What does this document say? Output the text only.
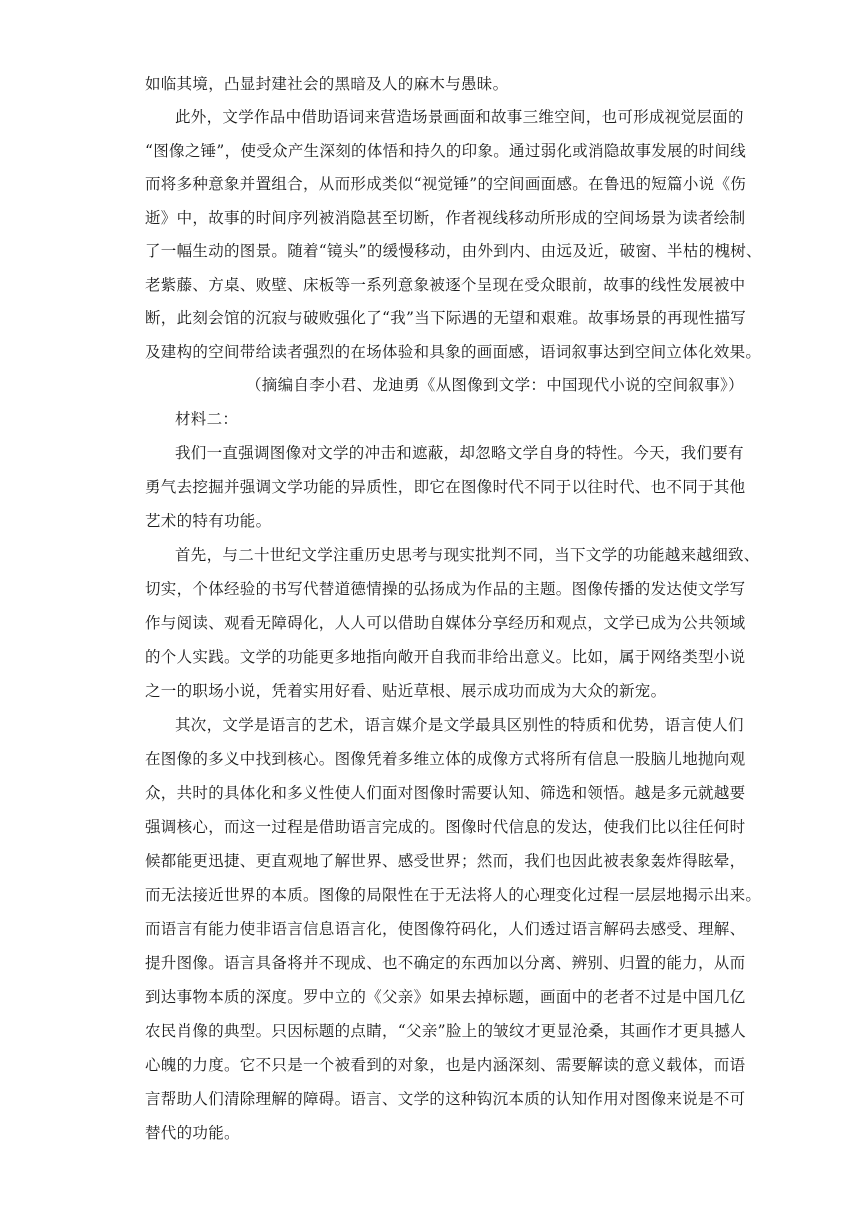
如临其境，凸显封建社会的黑暗及人的麻木与愚昧。
此外，文学作品中借助语词来营造场景画面和故事三维空间，也可形成视觉层面的
“图像之锤”，使受众产生深刻的体悟和持久的印象。通过弱化或消隐故事发展的时间线
而将多种意象并置组合，从而形成类似“视觉锤”的空间画面感。在鲁迅的短篇小说《伤
逝》中，故事的时间序列被消隐甚至切断，作者视线移动所形成的空间场景为读者绘制
了一幅生动的图景。随着“镜头”的缓慢移动，由外到内、由远及近，破窗、半枯的槐树、
老紫藤、方桌、败壁、床板等一系列意象被逐个呈现在受众眼前，故事的线性发展被中
断，此刻会馆的沉寂与破败强化了“我”当下际遇的无望和艰难。故事场景的再现性描写
及建构的空间带给读者强烈的在场体验和具象的画面感，语词叙事达到空间立体化效果。
（摘编自李小君、龙迪勇《从图像到文学：中国现代小说的空间叙事》）
材料二：
我们一直强调图像对文学的冲击和遮蔽，却忽略文学自身的特性。今天，我们要有
勇气去挖掘并强调文学功能的异质性，即它在图像时代不同于以往时代、也不同于其他
艺术的特有功能。
首先，与二十世纪文学注重历史思考与现实批判不同，当下文学的功能越来越细致、
切实，个体经验的书写代替道德情操的弘扬成为作品的主题。图像传播的发达使文学写
作与阅读、观看无障碍化，人人可以借助自媒体分享经历和观点，文学已成为公共领域
的个人实践。文学的功能更多地指向敞开自我而非给出意义。比如，属于网络类型小说
之一的职场小说，凭着实用好看、贴近草根、展示成功而成为大众的新宠。
其次，文学是语言的艺术，语言媒介是文学最具区别性的特质和优势，语言使人们
在图像的多义中找到核心。图像凭着多维立体的成像方式将所有信息一股脑儿地抛向观
众，共时的具体化和多义性使人们面对图像时需要认知、筛选和领悟。越是多元就越要
强调核心，而这一过程是借助语言完成的。图像时代信息的发达，使我们比以往任何时
候都能更迅捷、更直观地了解世界、感受世界；然而，我们也因此被表象轰炸得眩晕，
而无法接近世界的本质。图像的局限性在于无法将人的心理变化过程一层层地揭示出来。
而语言有能力使非语言信息语言化，使图像符码化，人们透过语言解码去感受、理解、
提升图像。语言具备将并不现成、也不确定的东西加以分离、辨别、归置的能力，从而
到达事物本质的深度。罗中立的《父亲》如果去掉标题，画面中的老者不过是中国几亿
农民肖像的典型。只因标题的点睛，“父亲”脸上的皱纹才更显沧桑，其画作才更具撼人
心魄的力度。它不只是一个被看到的对象，也是内涵深刻、需要解读的意义载体，而语
言帮助人们清除理解的障碍。语言、文学的这种钩沉本质的认知作用对图像来说是不可
替代的功能。
